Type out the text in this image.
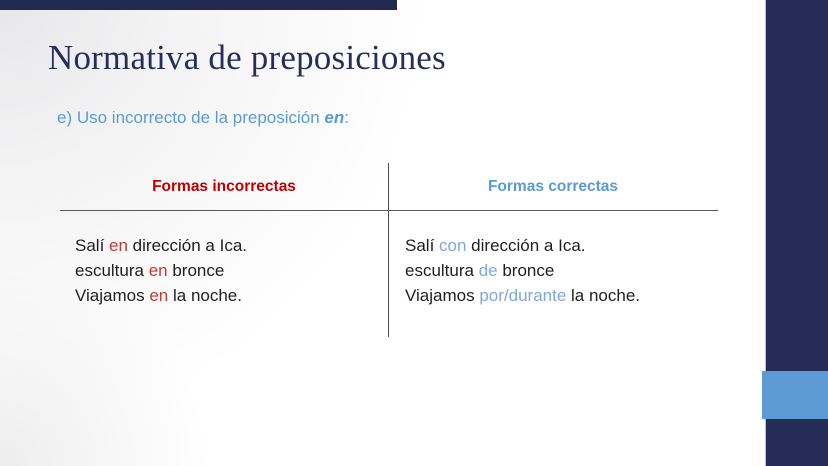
Normativa de preposiciones

e) Uso incorrecto de la preposición en:

Formas incorrectas	Formas correctas
Salí en dirección a Ica.
escultura en bronce
Viajamos en la noche.
Salí con dirección a Ica.
escultura de bronce
Viajamos por/durante la noche.
